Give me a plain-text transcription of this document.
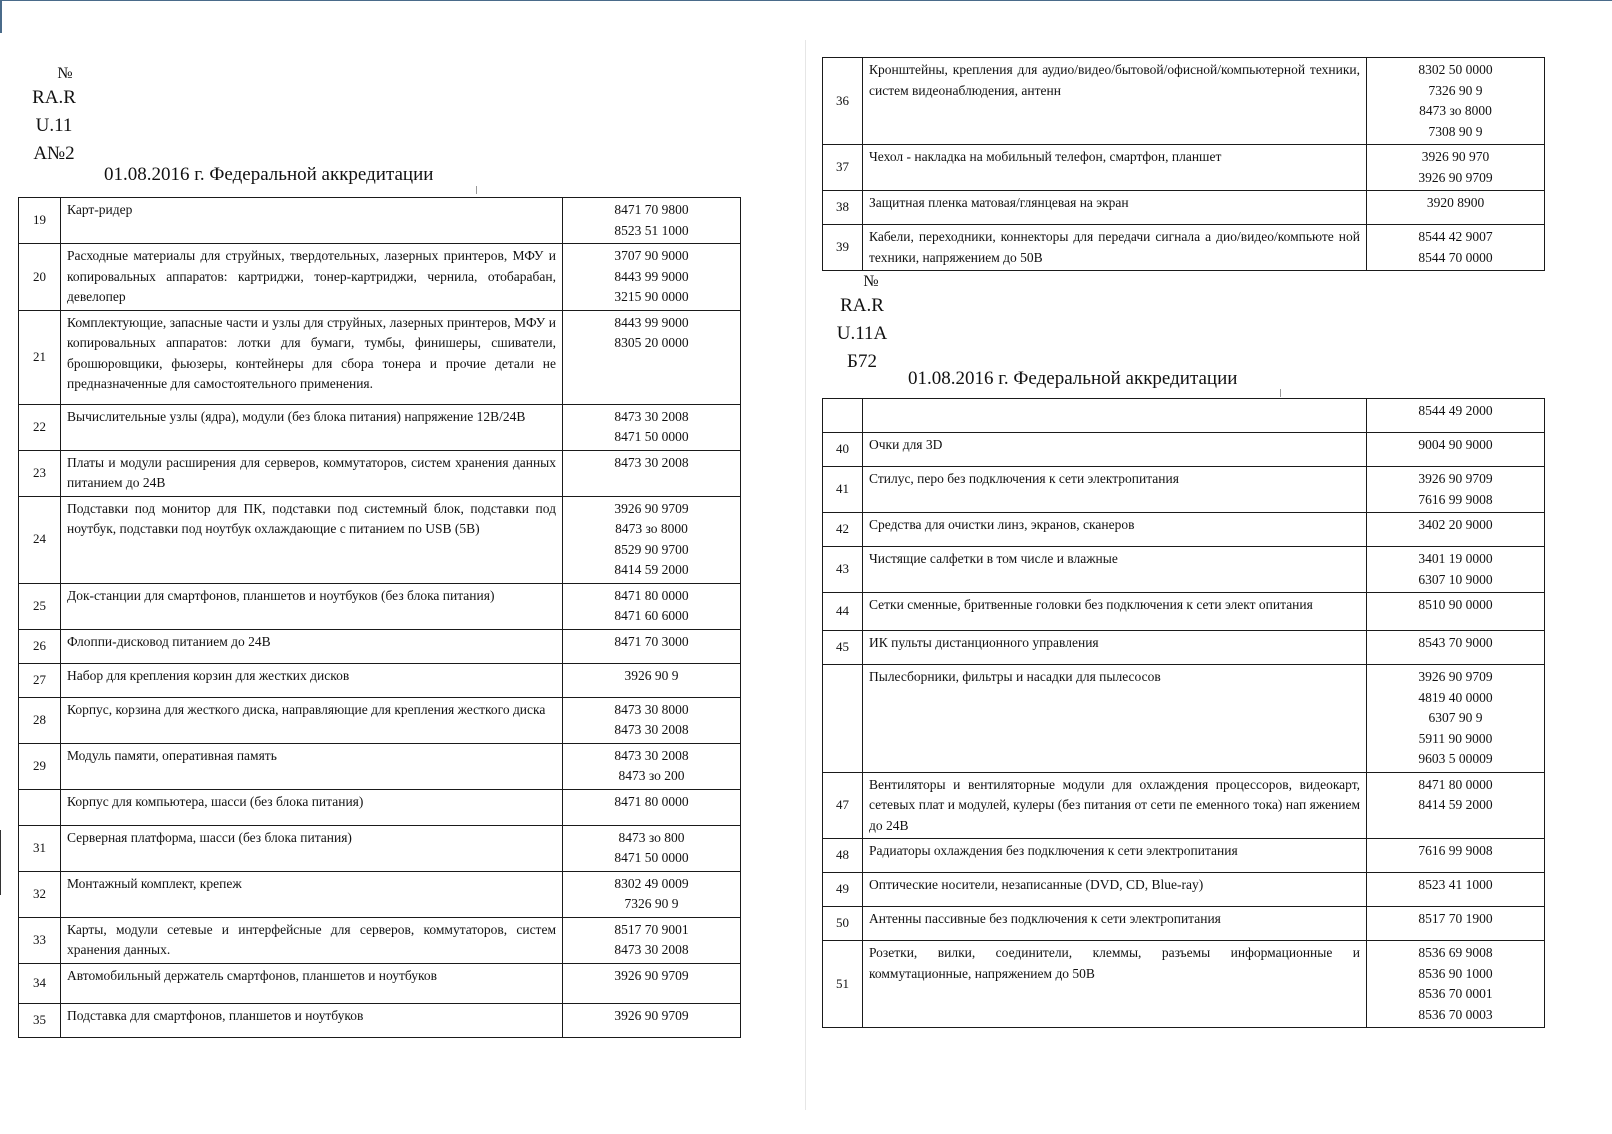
№
RA.R
U.11
A№2
01.08.2016 г. Федеральной аккредитации
19	Карт-ридер	8471 70 9800
8523 51 1000

20	Расходные материалы для струйных, твердотельных, лазерных принтеров, МФУ и копировальных аппаратов: картриджи, тонер-картриджи, чернила, отобарабан, девелопер	3707 90 9000
8443 99 9000
3215 90 0000

21	Комплектующие, запасные части и узлы для струйных, лазерных принтеров, МФУ и копировальных аппаратов: лотки для бумаги, тумбы, финишеры, сшиватели, брошюровщики, фьюзеры, контейнеры для сбора тонера и прочие детали не предназначенные для самостоятельного применения.	8443 99 9000
8305 20 0000

22	Вычислительные узлы (ядра), модули (без блока питания) напряжение 12В/24В	8473 30 2008
8471 50 0000

23	Платы и модули расширения для серверов, коммутаторов, систем хранения данных питанием до 24В	8473 30 2008

24	Подставки под монитор для ПК, подставки под системный блок, подставки под ноутбук, подставки под ноутбук охлаждающие с питанием по USB (5В)	3926 90 9709
8473 зо 8000
8529 90 9700
8414 59 2000

25	Док-станции для смартфонов, планшетов и ноутбуков (без блока питания)	8471 80 0000
8471 60 6000

26	Флоппи-дисковод питанием до 24В	8471 70 3000

27	Набор для крепления корзин для жестких дисков	3926 90 9

28	Корпус, корзина для жесткого диска, направляющие для крепления жесткого диска	8473 30 8000
8473 30 2008

29	Модуль памяти, оперативная память	8473 30 2008
8473 зо 200

	Корпус для компьютера, шасси (без блока питания)	8471 80 0000

31	Серверная платформа, шасси (без блока питания)	8473 зо 800
8471 50 0000

32	Монтажный комплект, крепеж	8302 49 0009
7326 90 9

33	Карты, модули сетевые и интерфейсные для серверов, коммутаторов, систем хранения данных.	8517 70 9001
8473 30 2008

34	Автомобильный держатель смартфонов, планшетов и ноутбуков	3926 90 9709

35	Подставка для смартфонов, планшетов и ноутбуков	3926 90 9709
36	Кронштейны, крепления для аудио/видео/бытовой/офисной/компьютерной техники, систем видеонаблюдения, антенн	8302 50 0000
7326 90 9
8473 зо 8000
7308 90 9

37	Чехол - накладка на мобильный телефон, смартфон, планшет	3926 90 970
3926 90 9709

38	Защитная пленка матовая/глянцевая на экран	3920 8900

39	Кабели, переходники, коннекторы для передачи сигнала а дио/видео/компьюте ной техники, напряжением до 50В	8544 42 9007
8544 70 0000
№
RA.R
U.11A
Б72
01.08.2016 г. Федеральной аккредитации

		8544 49 2000

40	Очки для 3D	9004 90 9000

41	Стилус, перо без подключения к сети электропитания	3926 90 9709
7616 99 9008

42	Средства для очистки линз, экранов, сканеров	3402 20 9000

43	Чистящие салфетки в том числе и влажные	3401 19 0000
6307 10 9000

44	Сетки сменные, бритвенные головки без подключения к сети элект опитания	8510 90 0000

45	ИК пульты дистанционного управления	8543 70 9000

	Пылесборники, фильтры и насадки для пылесосов	3926 90 9709
4819 40 0000
6307 90 9
5911 90 9000
9603 5 00009

47	Вентиляторы и вентиляторные модули для охлаждения процессоров, видеокарт, сетевых плат и модулей, кулеры (без питания от сети пе еменного тока) нап яжением до 24В	8471 80 0000
8414 59 2000

48	Радиаторы охлаждения без подключения к сети электропитания	7616 99 9008

49	Оптические носители, незаписанные (DVD, CD, Blue-ray)	8523 41 1000

50	Антенны пассивные без подключения к сети электропитания	8517 70 1900

51	Розетки, вилки, соединители, клеммы, разъемы информационные и коммутационные, напряжением до 50В	8536 69 9008
8536 90 1000
8536 70 0001
8536 70 0003
